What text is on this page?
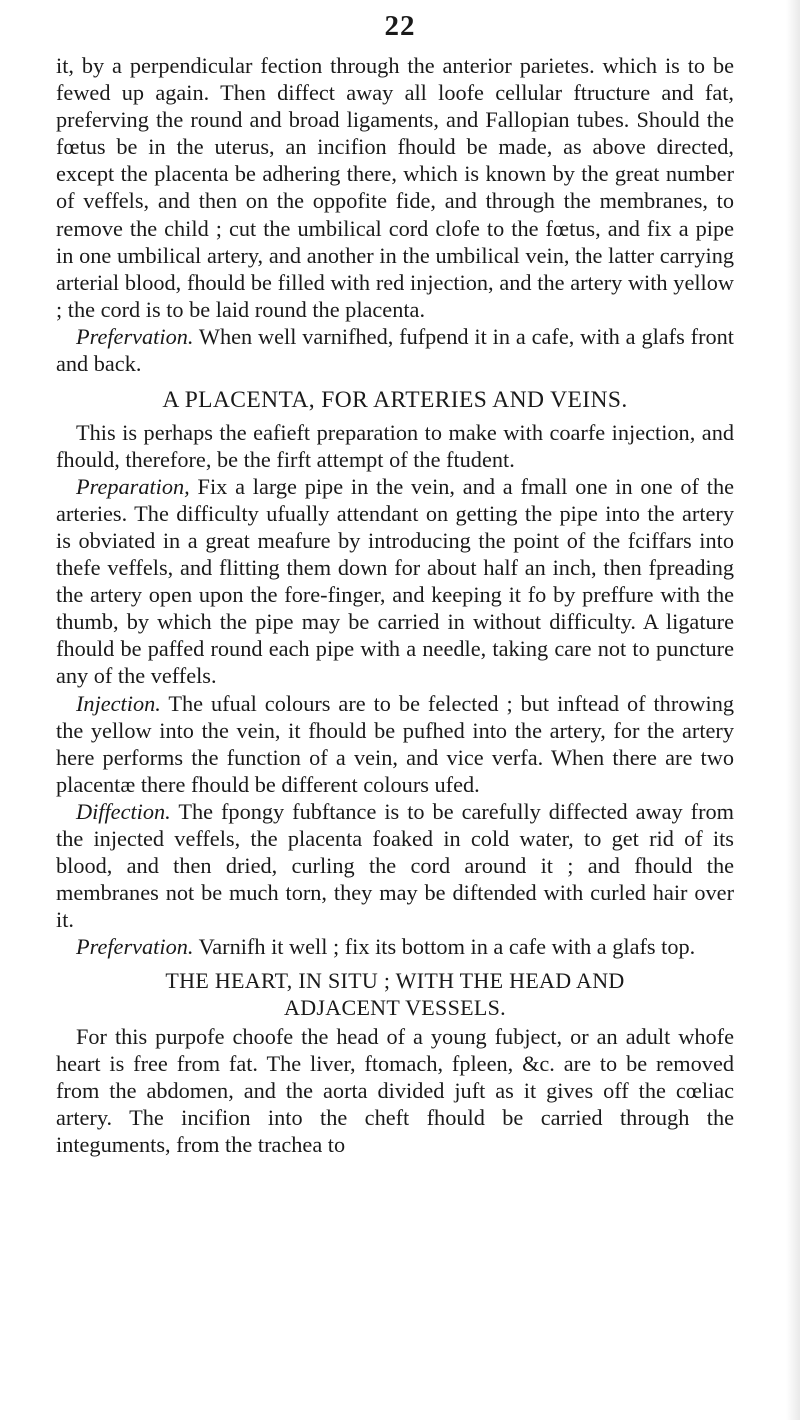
22

it, by a perpendicular fection through the anterior parietes. which is to be fewed up again. Then diffect away all loofe cellular ftructure and fat, preferving the round and broad ligaments, and Fallopian tubes. Should the fœtus be in the uterus, an incifion fhould be made, as above directed, except the placenta be adhering there, which is known by the great number of veffels, and then on the oppofite fide, and through the membranes, to remove the child ; cut the umbilical cord clofe to the fœtus, and fix a pipe in one umbilical artery, and another in the umbilical vein, the latter carrying arterial blood, fhould be filled with red injection, and the artery with yellow ; the cord is to be laid round the placenta.

Prefervation. When well varnifhed, fufpend it in a cafe, with a glafs front and back.

A PLACENTA, FOR ARTERIES AND VEINS.

This is perhaps the eafieft preparation to make with coarfe injection, and fhould, therefore, be the firft attempt of the ftudent.

Preparation, Fix a large pipe in the vein, and a fmall one in one of the arteries. The difficulty ufually attendant on getting the pipe into the artery is obviated in a great meafure by introducing the point of the fciffars into thefe veffels, and flitting them down for about half an inch, then fpreading the artery open upon the fore-finger, and keeping it fo by preffure with the thumb, by which the pipe may be carried in without difficulty. A ligature fhould be paffed round each pipe with a needle, taking care not to puncture any of the veffels.

Injection. The ufual colours are to be felected ; but inftead of throwing the yellow into the vein, it fhould be pufhed into the artery, for the artery here performs the function of a vein, and vice verfa. When there are two placentæ there fhould be different colours ufed.

Diffection. The fpongy fubftance is to be carefully diffected away from the injected veffels, the placenta foaked in cold water, to get rid of its blood, and then dried, curling the cord around it ; and fhould the membranes not be much torn, they may be diftended with curled hair over it.

Prefervation. Varnifh it well ; fix its bottom in a cafe with a glafs top.

THE HEART, IN SITU ; WITH THE HEAD AND
ADJACENT VESSELS.

For this purpofe choofe the head of a young fubject, or an adult whofe heart is free from fat. The liver, ftomach, fpleen, &c. are to be removed from the abdomen, and the aorta divided juft as it gives off the cœliac artery. The incifion into the cheft fhould be carried through the integuments, from the trachea to
